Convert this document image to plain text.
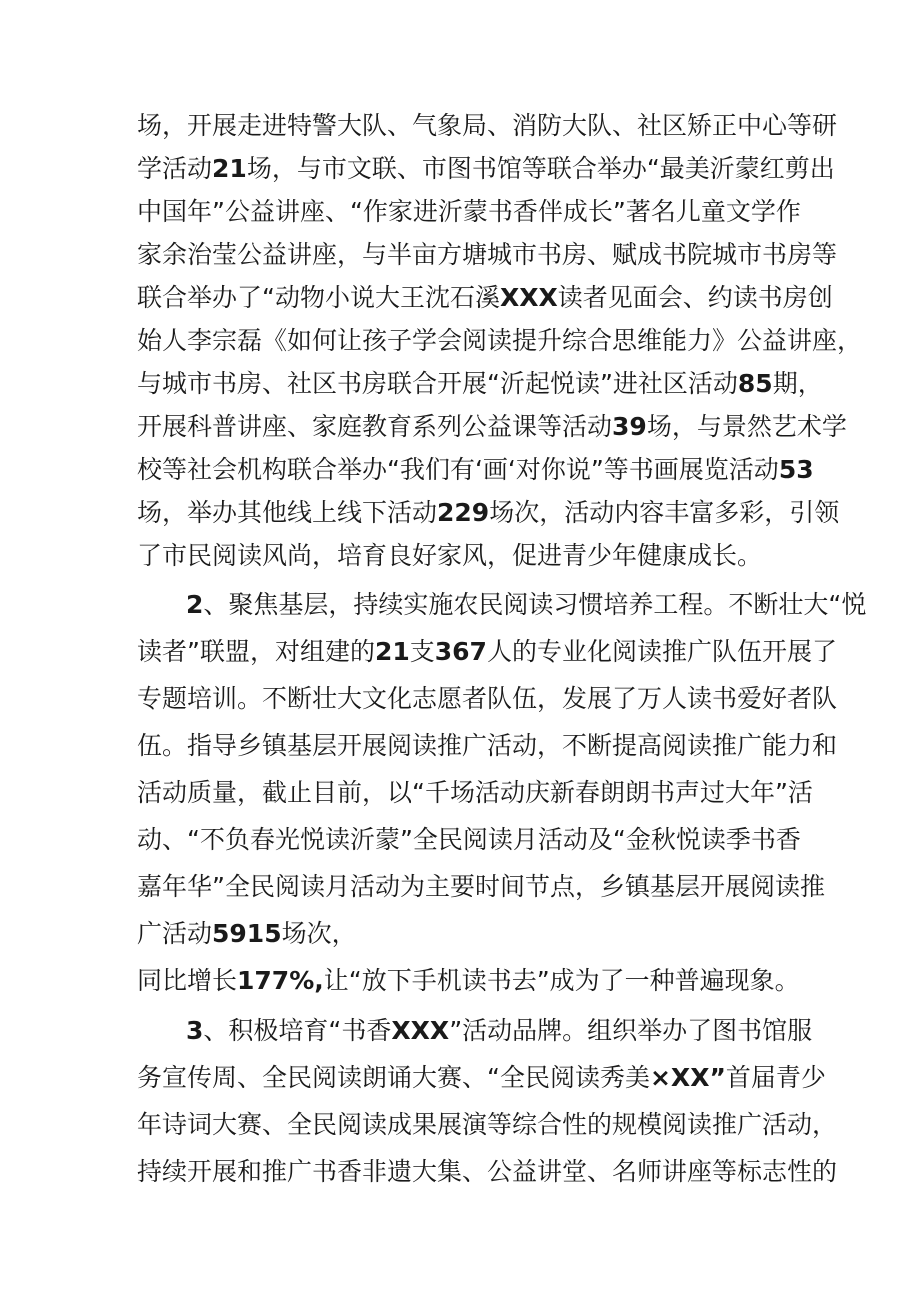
场，开展走进特警大队、气象局、消防大队、社区矫正中心等研
学活动21场，与市文联、市图书馆等联合举办“最美沂蒙红剪出
中国年”公益讲座、“作家进沂蒙书香伴成长”著名儿童文学作
家余治莹公益讲座，与半亩方塘城市书房、赋成书院城市书房等
联合举办了“动物小说大王沈石溪XXX读者见面会、约读书房创
始人李宗磊《如何让孩子学会阅读提升综合思维能力》公益讲座，
与城市书房、社区书房联合开展“沂起悦读”进社区活动85期，
开展科普讲座、家庭教育系列公益课等活动39场，与景然艺术学
校等社会机构联合举办“我们有‘画‘对你说”等书画展览活动53
场，举办其他线上线下活动229场次，活动内容丰富多彩，引领
了市民阅读风尚，培育良好家风，促进青少年健康成长。
2、聚焦基层，持续实施农民阅读习惯培养工程。不断壮大“悦
读者”联盟，对组建的21支367人的专业化阅读推广队伍开展了
专题培训。不断壮大文化志愿者队伍，发展了万人读书爱好者队
伍。指导乡镇基层开展阅读推广活动，不断提高阅读推广能力和
活动质量，截止目前，以“千场活动庆新春朗朗书声过大年”活
动、“不负春光悦读沂蒙”全民阅读月活动及“金秋悦读季书香
嘉年华”全民阅读月活动为主要时间节点，乡镇基层开展阅读推
广活动5915场次，
同比增长177%,让“放下手机读书去”成为了一种普遍现象。
3、积极培育“书香XXX”活动品牌。组织举办了图书馆服
务宣传周、全民阅读朗诵大赛、“全民阅读秀美×XX”首届青少
年诗词大赛、全民阅读成果展演等综合性的规模阅读推广活动，
持续开展和推广书香非遗大集、公益讲堂、名师讲座等标志性的
